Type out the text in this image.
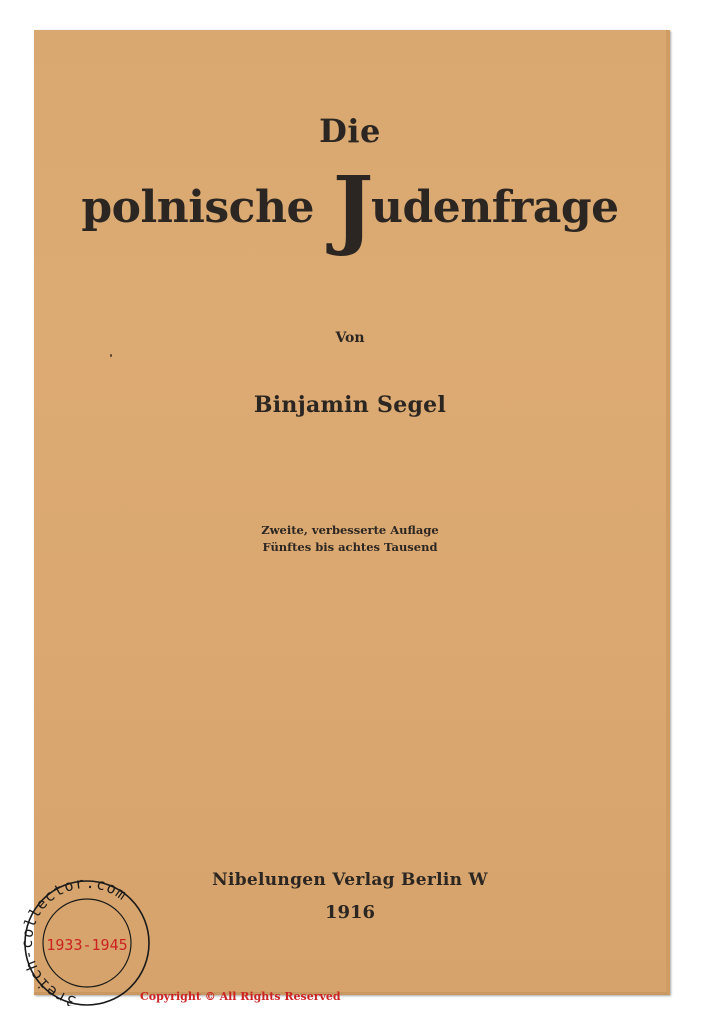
Die
polnische Judenfrage
Von
Binjamin Segel
Zweite, verbesserte Auflage
Fünftes bis achtes Tausend
Nibelungen Verlag Berlin W
1916
3reich-collector.com
1933-1945
Copyright © All Rights Reserved
